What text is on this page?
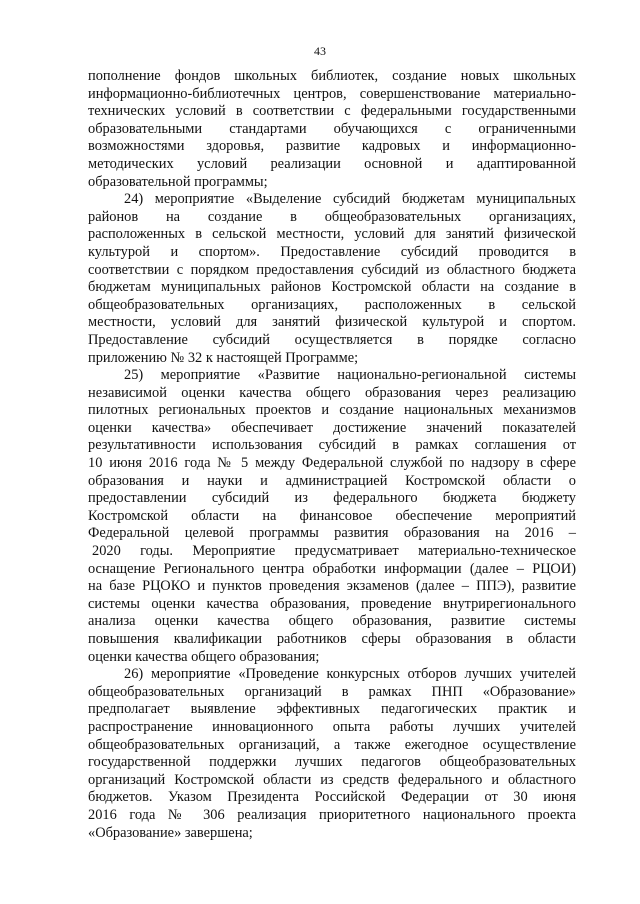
43
пополнение фондов школьных библиотек, создание новых школьных
информационно-библиотечных центров, совершенствование материально-
технических условий в соответствии с федеральными государственными
образовательными стандартами обучающихся с ограниченными
возможностями здоровья, развитие кадровых и информационно-
методических условий реализации основной и адаптированной
образовательной программы;
24) мероприятие «Выделение субсидий бюджетам муниципальных
районов на создание в общеобразовательных организациях,
расположенных в сельской местности, условий для занятий физической
культурой и спортом». Предоставление субсидий проводится в
соответствии с порядком предоставления субсидий из областного бюджета
бюджетам муниципальных районов Костромской области на создание в
общеобразовательных организациях, расположенных в сельской
местности, условий для занятий физической культурой и спортом.
Предоставление субсидий осуществляется в порядке согласно
приложению № 32 к настоящей Программе;
25) мероприятие «Развитие национально-региональной системы
независимой оценки качества общего образования через реализацию
пилотных региональных проектов и создание национальных механизмов
оценки качества» обеспечивает достижение значений показателей
результативности использования субсидий в рамках соглашения от
10 июня 2016 года № 5 между Федеральной службой по надзору в сфере
образования и науки и администрацией Костромской области о
предоставлении субсидий из федерального бюджета бюджету
Костромской области на финансовое обеспечение мероприятий
Федеральной целевой программы развития образования на 2016 –
2020 годы. Мероприятие предусматривает материально-техническое
оснащение Регионального центра обработки информации (далее – РЦОИ)
на базе РЦОКО и пунктов проведения экзаменов (далее – ППЭ), развитие
системы оценки качества образования, проведение внутрирегионального
анализа оценки качества общего образования, развитие системы
повышения квалификации работников сферы образования в области
оценки качества общего образования;
26) мероприятие «Проведение конкурсных отборов лучших учителей
общеобразовательных организаций в рамках ПНП «Образование»
предполагает выявление эффективных педагогических практик и
распространение инновационного опыта работы лучших учителей
общеобразовательных организаций, а также ежегодное осуществление
государственной поддержки лучших педагогов общеобразовательных
организаций Костромской области из средств федерального и областного
бюджетов. Указом Президента Российской Федерации от 30 июня
2016 года № 306 реализация приоритетного национального проекта
«Образование» завершена;
